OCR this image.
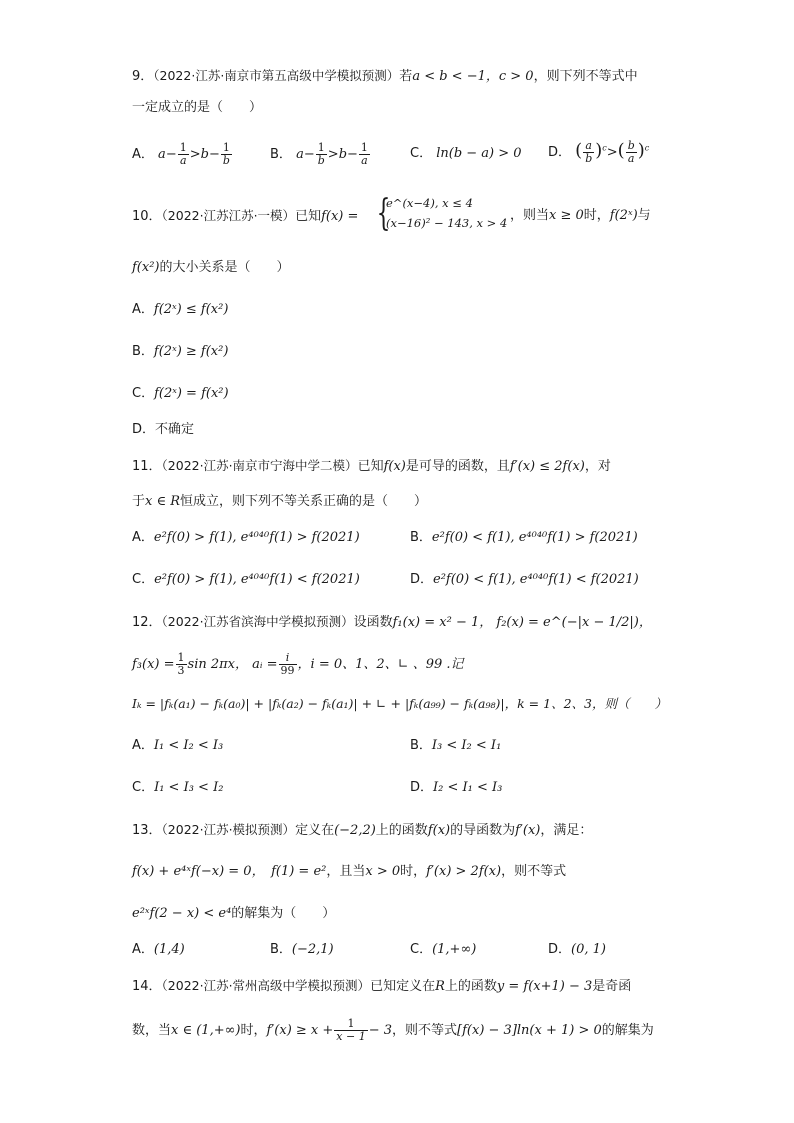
9．（2022·江苏·南京市第五高级中学模拟预测）若a < b < −1，c > 0，则下列不等式中
一定成立的是（　　）
A． $a- \frac{1}{a} >b- \frac{1}{b}$	B． $a- \frac{1}{b} >b- \frac{1}{a}$	C． ln(b − a) > 0 D． ( $\frac{a}{b} )^c>( \frac{b}{a} )^c$
10．（2022·江苏江苏·一模）已知f(x) = {
e^(x−4), x ≤ 4
(x−16)² − 143, x > 4 ，则当x ≥ 0时，f(2ˣ)与
f(x²)的大小关系是（　　）
A．f(2ˣ) ≤ f(x²)
B．f(2ˣ) ≥ f(x²)
C．f(2ˣ) = f(x²)
D．不确定
11．（2022·江苏·南京市宁海中学二模）已知f(x)是可导的函数，且f′(x) ≤ 2f(x)，对
于x ∈ R恒成立，则下列不等关系正确的是（　　）
A．e²f(0) > f(1), e⁴⁰⁴⁰f(1) > f(2021)	B．e²f(0) < f(1), e⁴⁰⁴⁰f(1) > f(2021)
C．e²f(0) > f(1), e⁴⁰⁴⁰f(1) < f(2021)	D．e²f(0) < f(1), e⁴⁰⁴⁰f(1) < f(2021)
12．（2022·江苏省滨海中学模拟预测）设函数f₁(x) = x² − 1， f₂(x) = e^(−|x − 1/2|)，
$f_3(x) = \frac{1}{3}$ sin 2πx， aᵢ = $\frac{i}{99}$ ，i = 0、1、2、∟ 、99 .记
Iₖ = |fₖ(a₁) − fₖ(a₀)| + |fₖ(a₂) − fₖ(a₁)| + ∟ + |fₖ(a₉₉) − fₖ(a₉₈)|，k = 1、2、3，则（　　）
A．I₁ < I₂ < I₃	B．I₃ < I₂ < I₁
C．I₁ < I₃ < I₂	D．I₂ < I₁ < I₃
13．（2022·江苏·模拟预测）定义在(−2,2)上的函数f(x)的导函数为f′(x)，满足：
f(x) + e⁴ˣf(−x) = 0，　f(1) = e²，且当x > 0时，f′(x) > 2f(x)，则不等式
e²ˣf(2 − x) < e⁴的解集为（　　）
A．(1,4)	B．(−2,1)	C．(1,+∞)	D．(0, 1)
14．（2022·江苏·常州高级中学模拟预测）已知定义在R上的函数y = f(x+1) − 3是奇函
数，当x ∈ (1,+∞)时，$f'(x) \ge x + \frac{1}{x - 1} - 3$，则不等式[f(x) − 3]ln(x + 1) > 0的解集为
